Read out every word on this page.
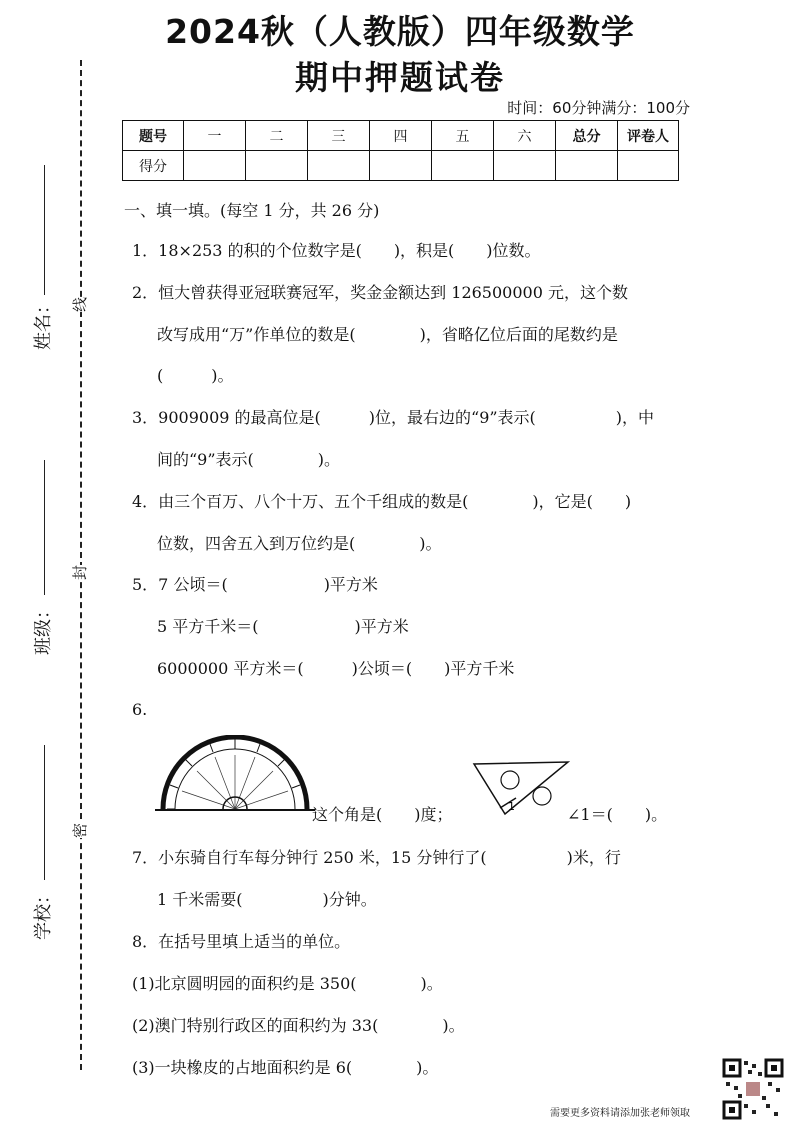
线
封
密
姓名：
班级：
学校：
2024秋（人教版）四年级数学
期中押题试卷
时间：60分钟满分：100分
题号	一	二	三	四	五	六	总分	评卷人
得分								
一、填一填。(每空 1 分，共 26 分)
1．18×253 的积的个位数字是(　　)，积是(　　)位数。
2．恒大曾获得亚冠联赛冠军，奖金金额达到 126500000 元，这个数
改写成用“万”作单位的数是(　　　　)，省略亿位后面的尾数约是
(　　　)。
3．9009009 的最高位是(　　　)位，最右边的“9”表示(　　　　　)，中
间的“9”表示(　　　　)。
4．由三个百万、八个十万、五个千组成的数是(　　　　)，它是(　　)
位数，四舍五入到万位约是(　　　　)。
5．7 公顷＝(　　　　　　)平方米
5 平方千米＝(　　　　　　)平方米
6000000 平方米＝(　　　)公顷＝(　　)平方千米
6.
这个角是(　　)度；	1	∠1＝(　　)。
7．小东骑自行车每分钟行 250 米，15 分钟行了(　　　　　)米，行
1 千米需要(　　　　　)分钟。
8．在括号里填上适当的单位。
(1)北京圆明园的面积约是 350(　　　　)。
(2)澳门特别行政区的面积约为 33(　　　　)。
(3)一块橡皮的占地面积约是 6(　　　　)。
需要更多资料请添加张老师领取
